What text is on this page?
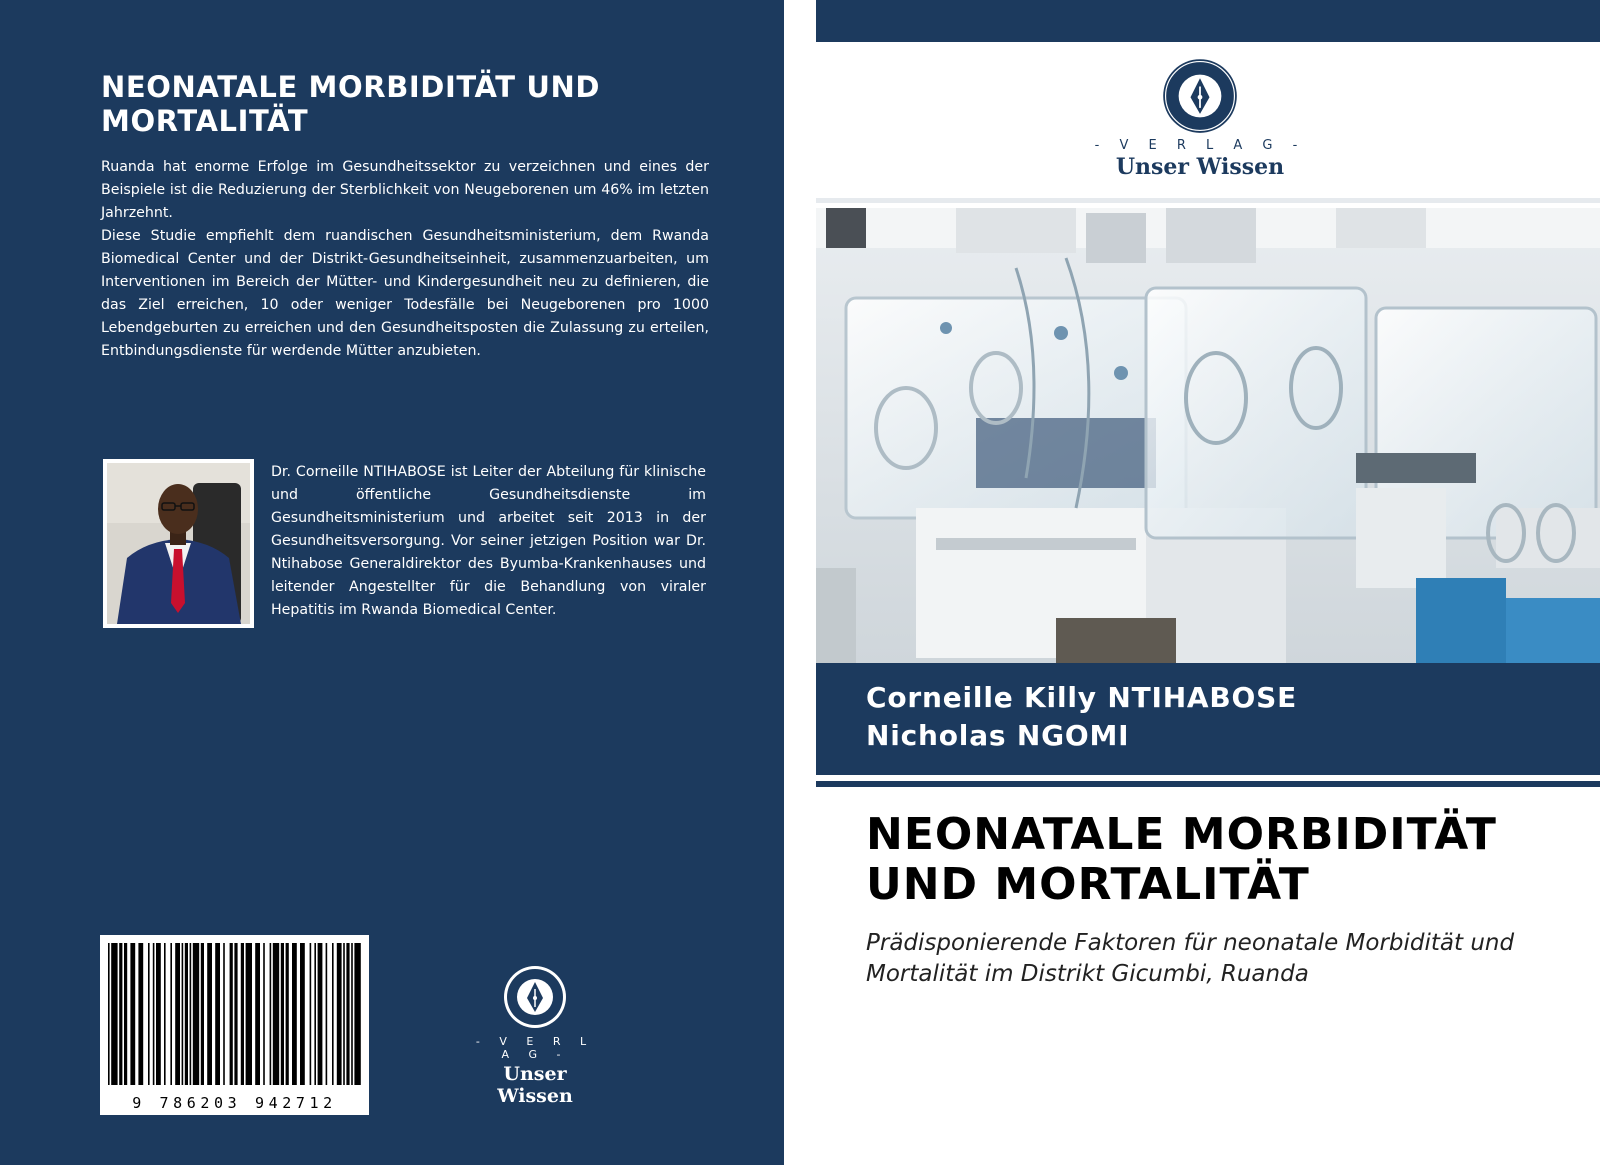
NEONATALE MORBIDITÄT UND MORTALITÄT

Ruanda hat enorme Erfolge im Gesundheitssektor zu verzeichnen und eines der Beispiele ist die Reduzierung der Sterblichkeit von Neugeborenen um 46% im letzten Jahrzehnt.

Diese Studie empfiehlt dem ruandischen Gesundheitsministerium, dem Rwanda Biomedical Center und der Distrikt-Gesundheitseinheit, zusammenzuarbeiten, um Interventionen im Bereich der Mütter- und Kindergesundheit neu zu definieren, die das Ziel erreichen, 10 oder weniger Todesfälle bei Neugeborenen pro 1000 Lebendgeburten zu erreichen und den Gesundheitsposten die Zulassung zu erteilen, Entbindungsdienste für werdende Mütter anzubieten.

Dr. Corneille NTIHABOSE ist Leiter der Abteilung für klinische und öffentliche Gesundheitsdienste im Gesundheitsministerium und arbeitet seit 2013 in der Gesundheitsversorgung. Vor seiner jetzigen Position war Dr. Ntihabose Generaldirektor des Byumba-Krankenhauses und leitender Angestellter für die Behandlung von viraler Hepatitis im Rwanda Biomedical Center.

9 786203 942712
- V E R L A G -
Unser Wissen
- V E R L A G -
Unser Wissen
Corneille Killy NTIHABOSE
Nicholas NGOMI
NEONATALE MORBIDITÄT UND MORTALITÄT

Prädisponierende Faktoren für neonatale Morbidität und Mortalität im Distrikt Gicumbi, Ruanda
